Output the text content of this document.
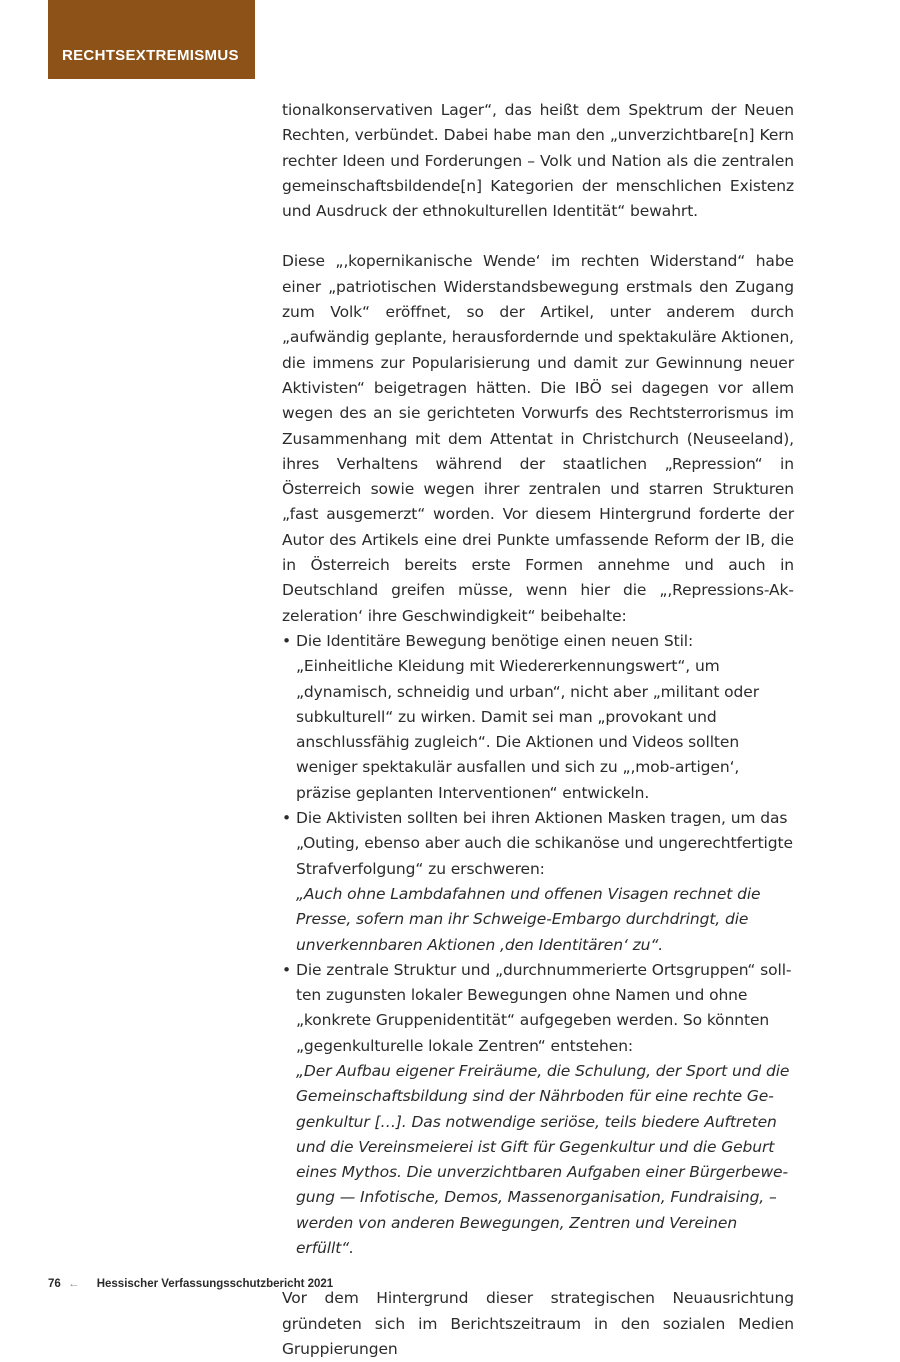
RECHTSEXTREMISMUS

tionalkonservativen Lager“, das heißt dem Spektrum der Neuen Rechten, verbündet. Dabei habe man den „unverzichtbare[n] Kern rechter Ideen und Forderungen – Volk und Nation als die zentralen gemeinschaftsbildende[n] Kategorien der menschlichen Existenz und Ausdruck der ethnokulturellen Identität“ bewahrt.

Diese „‚kopernikanische Wende‘ im rechten Widerstand“ habe einer „patriotischen Widerstandsbewegung erstmals den Zugang zum Volk“ eröffnet, so der Artikel, unter anderem durch „aufwändig geplante, herausfordernde und spektakuläre Aktionen, die immens zur Popularisierung und damit zur Gewinnung neuer Aktivisten“ beigetragen hätten. Die IBÖ sei dagegen vor allem wegen des an sie gerichteten Vorwurfs des Rechtsterrorismus im Zusammenhang mit dem Attentat in Christchurch (Neuseeland), ihres Verhaltens während der staatlichen „Repression“ in Österreich sowie wegen ihrer zentralen und starren Strukturen „fast ausgemerzt“ worden. Vor diesem Hintergrund forderte der Autor des Artikels eine drei Punkte umfassende Reform der IB, die in Österreich bereits erste Formen annehme und auch in Deutschland greifen müsse, wenn hier die „‚Repressions-Akzeleration‘ ihre Geschwindigkeit“ beibehalte:

• Die Identitäre Bewegung benötige einen neuen Stil: „Einheitliche Kleidung mit Wiedererkennungswert“, um „dynamisch, schneidig und urban“, nicht aber „militant oder subkulturell“ zu wirken. Damit sei man „provokant und anschlussfähig zugleich“. Die Aktionen und Videos sollten weniger spektakulär ausfallen und sich zu „‚mob-artigen‘, präzise geplanten Interventionen“ entwickeln.
• Die Aktivisten sollten bei ihren Aktionen Masken tragen, um das „Outing, ebenso aber auch die schikanöse und ungerechtfertigte Strafverfolgung“ zu erschweren:
„Auch ohne Lambdafahnen und offenen Visagen rechnet die Presse, sofern man ihr Schweige-Embargo durchdringt, die unverkennbaren Aktionen ‚den Identitären‘ zu“.
• Die zentrale Struktur und „durchnummerierte Ortsgruppen“ sollten zugunsten lokaler Bewegungen ohne Namen und ohne „konkrete Gruppenidentität“ aufgegeben werden. So könnten „gegenkulturelle lokale Zentren“ entstehen:
„Der Aufbau eigener Freiräume, die Schulung, der Sport und die Gemeinschaftsbildung sind der Nährboden für eine rechte Gegenkultur […]. Das notwendige seriöse, teils biedere Auftreten und die Vereinsmeierei ist Gift für Gegenkultur und die Geburt eines Mythos. Die unverzichtbaren Aufgaben einer Bürgerbewegung — Infotische, Demos, Massenorganisation, Fundraising, – werden von anderen Bewegungen, Zentren und Vereinen erfüllt“.

Vor dem Hintergrund dieser strategischen Neuausrichtung gründeten sich im Berichtszeitraum in den sozialen Medien Gruppierungen

76 ← Hessischer Verfassungsschutzbericht 2021
